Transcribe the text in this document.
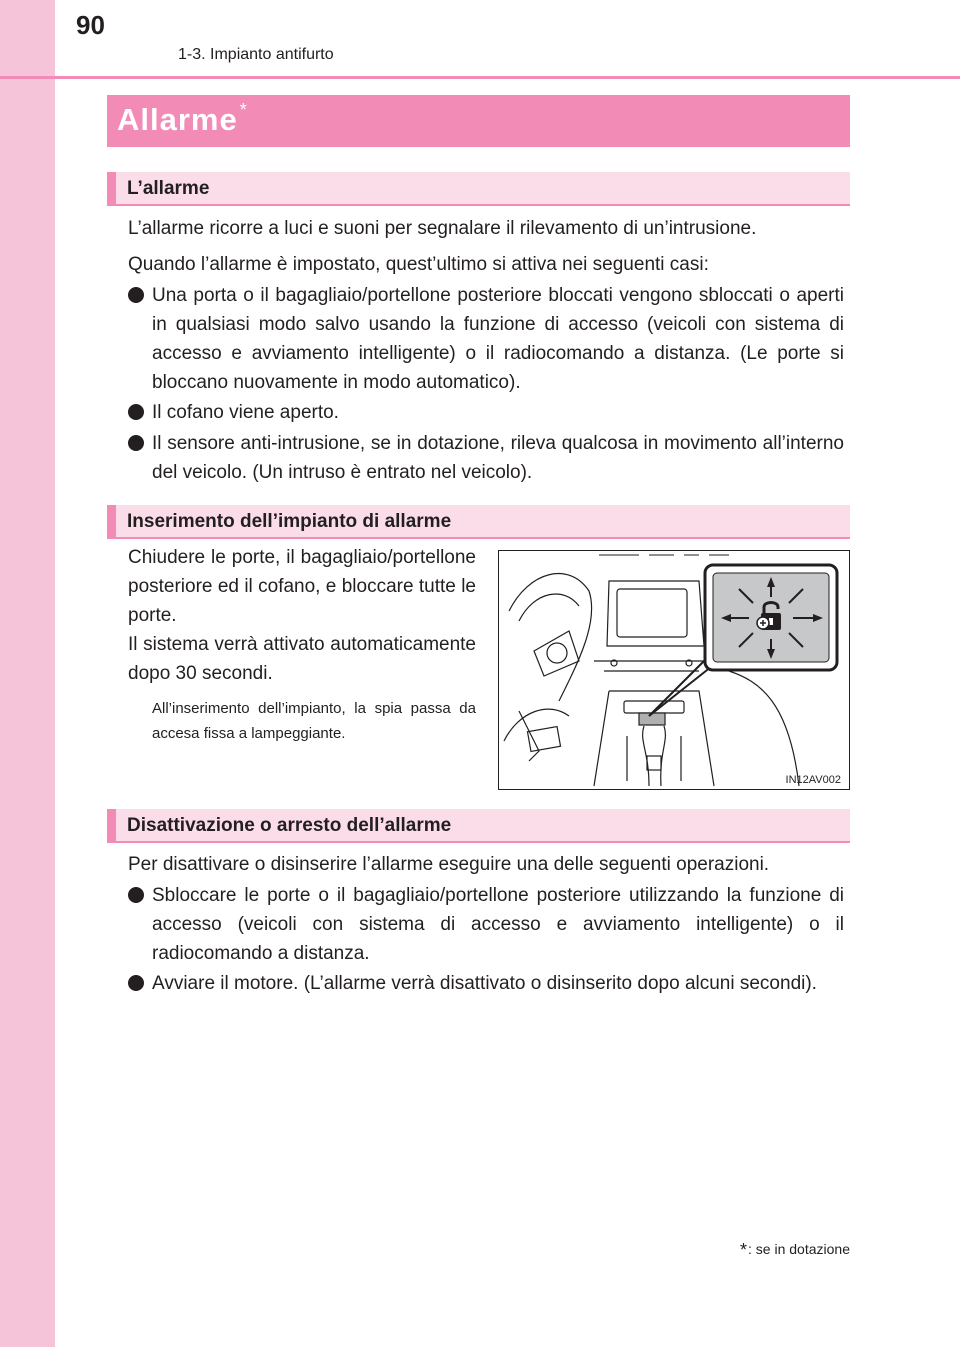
90
1-3. Impianto antifurto
Allarme *
L’allarme
L’allarme ricorre a luci e suoni per segnalare il rilevamento di un’intrusione.
Quando l’allarme è impostato, quest’ultimo si attiva nei seguenti casi:
Una porta o il bagagliaio/portellone posteriore bloccati vengono sbloccati o aperti in qualsiasi modo salvo usando la funzione di accesso (veicoli con sistema di accesso e avviamento intelligente) o il radiocomando a distanza. (Le porte si bloccano nuovamente in modo automatico).
Il cofano viene aperto.
Il sensore anti-intrusione, se in dotazione, rileva qualcosa in movimento all’interno del veicolo. (Un intruso è entrato nel veicolo).
Inserimento dell’impianto di allarme
Chiudere le porte, il bagagliaio/portellone posteriore ed il cofano, e bloccare tutte le porte.
Il sistema verrà attivato automaticamente dopo 30 secondi.
All’inserimento dell’impianto, la spia passa da accesa fissa a lampeggiante.
IN12AV002
Disattivazione o arresto dell’allarme
Per disattivare o disinserire l’allarme eseguire una delle seguenti operazioni.
Sbloccare le porte o il bagagliaio/portellone posteriore utilizzando la funzione di accesso (veicoli con sistema di accesso e avviamento intelligente) o il radiocomando a distanza.
Avviare il motore. (L’allarme verrà disattivato o disinserito dopo alcuni secondi).
*: se in dotazione
